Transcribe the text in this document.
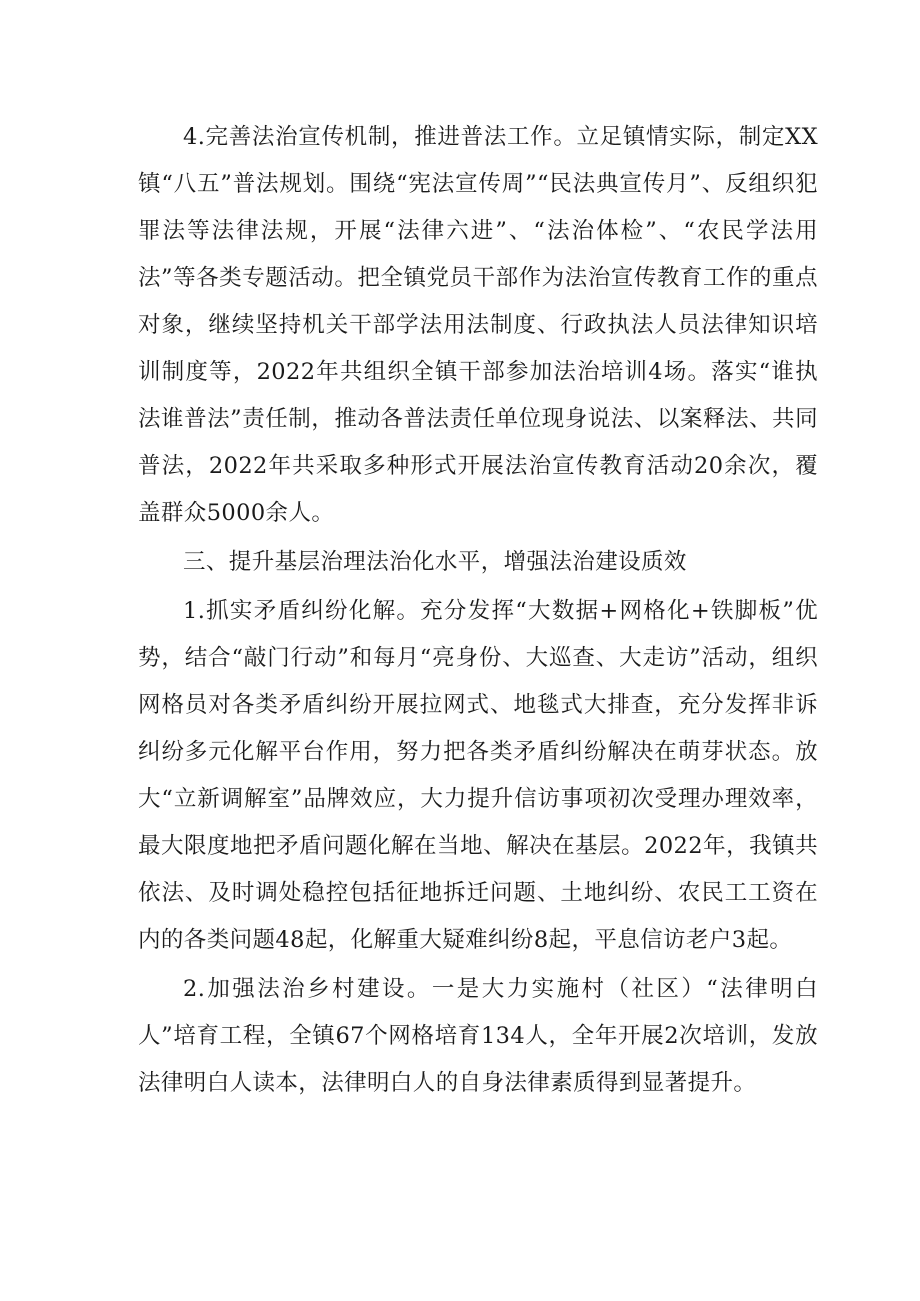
4.完善法治宣传机制，推进普法工作。立足镇情实际，制定XX镇“八五”普法规划。围绕“宪法宣传周”“民法典宣传月”、反组织犯罪法等法律法规，开展“法律六进”、“法治体检”、“农民学法用法”等各类专题活动。把全镇党员干部作为法治宣传教育工作的重点对象，继续坚持机关干部学法用法制度、行政执法人员法律知识培训制度等，2022年共组织全镇干部参加法治培训4场。落实“谁执法谁普法”责任制，推动各普法责任单位现身说法、以案释法、共同普法，2022年共采取多种形式开展法治宣传教育活动20余次，覆盖群众5000余人。

三、提升基层治理法治化水平，增强法治建设质效

1.抓实矛盾纠纷化解。充分发挥“大数据+网格化+铁脚板”优势，结合“敲门行动”和每月“亮身份、大巡查、大走访”活动，组织网格员对各类矛盾纠纷开展拉网式、地毯式大排查，充分发挥非诉纠纷多元化解平台作用，努力把各类矛盾纠纷解决在萌芽状态。放大“立新调解室”品牌效应，大力提升信访事项初次受理办理效率，最大限度地把矛盾问题化解在当地、解决在基层。2022年，我镇共依法、及时调处稳控包括征地拆迁问题、土地纠纷、农民工工资在内的各类问题48起，化解重大疑难纠纷8起，平息信访老户3起。

2.加强法治乡村建设。一是大力实施村（社区）“法律明白人”培育工程，全镇67个网格培育134人，全年开展2次培训，发放法律明白人读本，法律明白人的自身法律素质得到显著提升。
